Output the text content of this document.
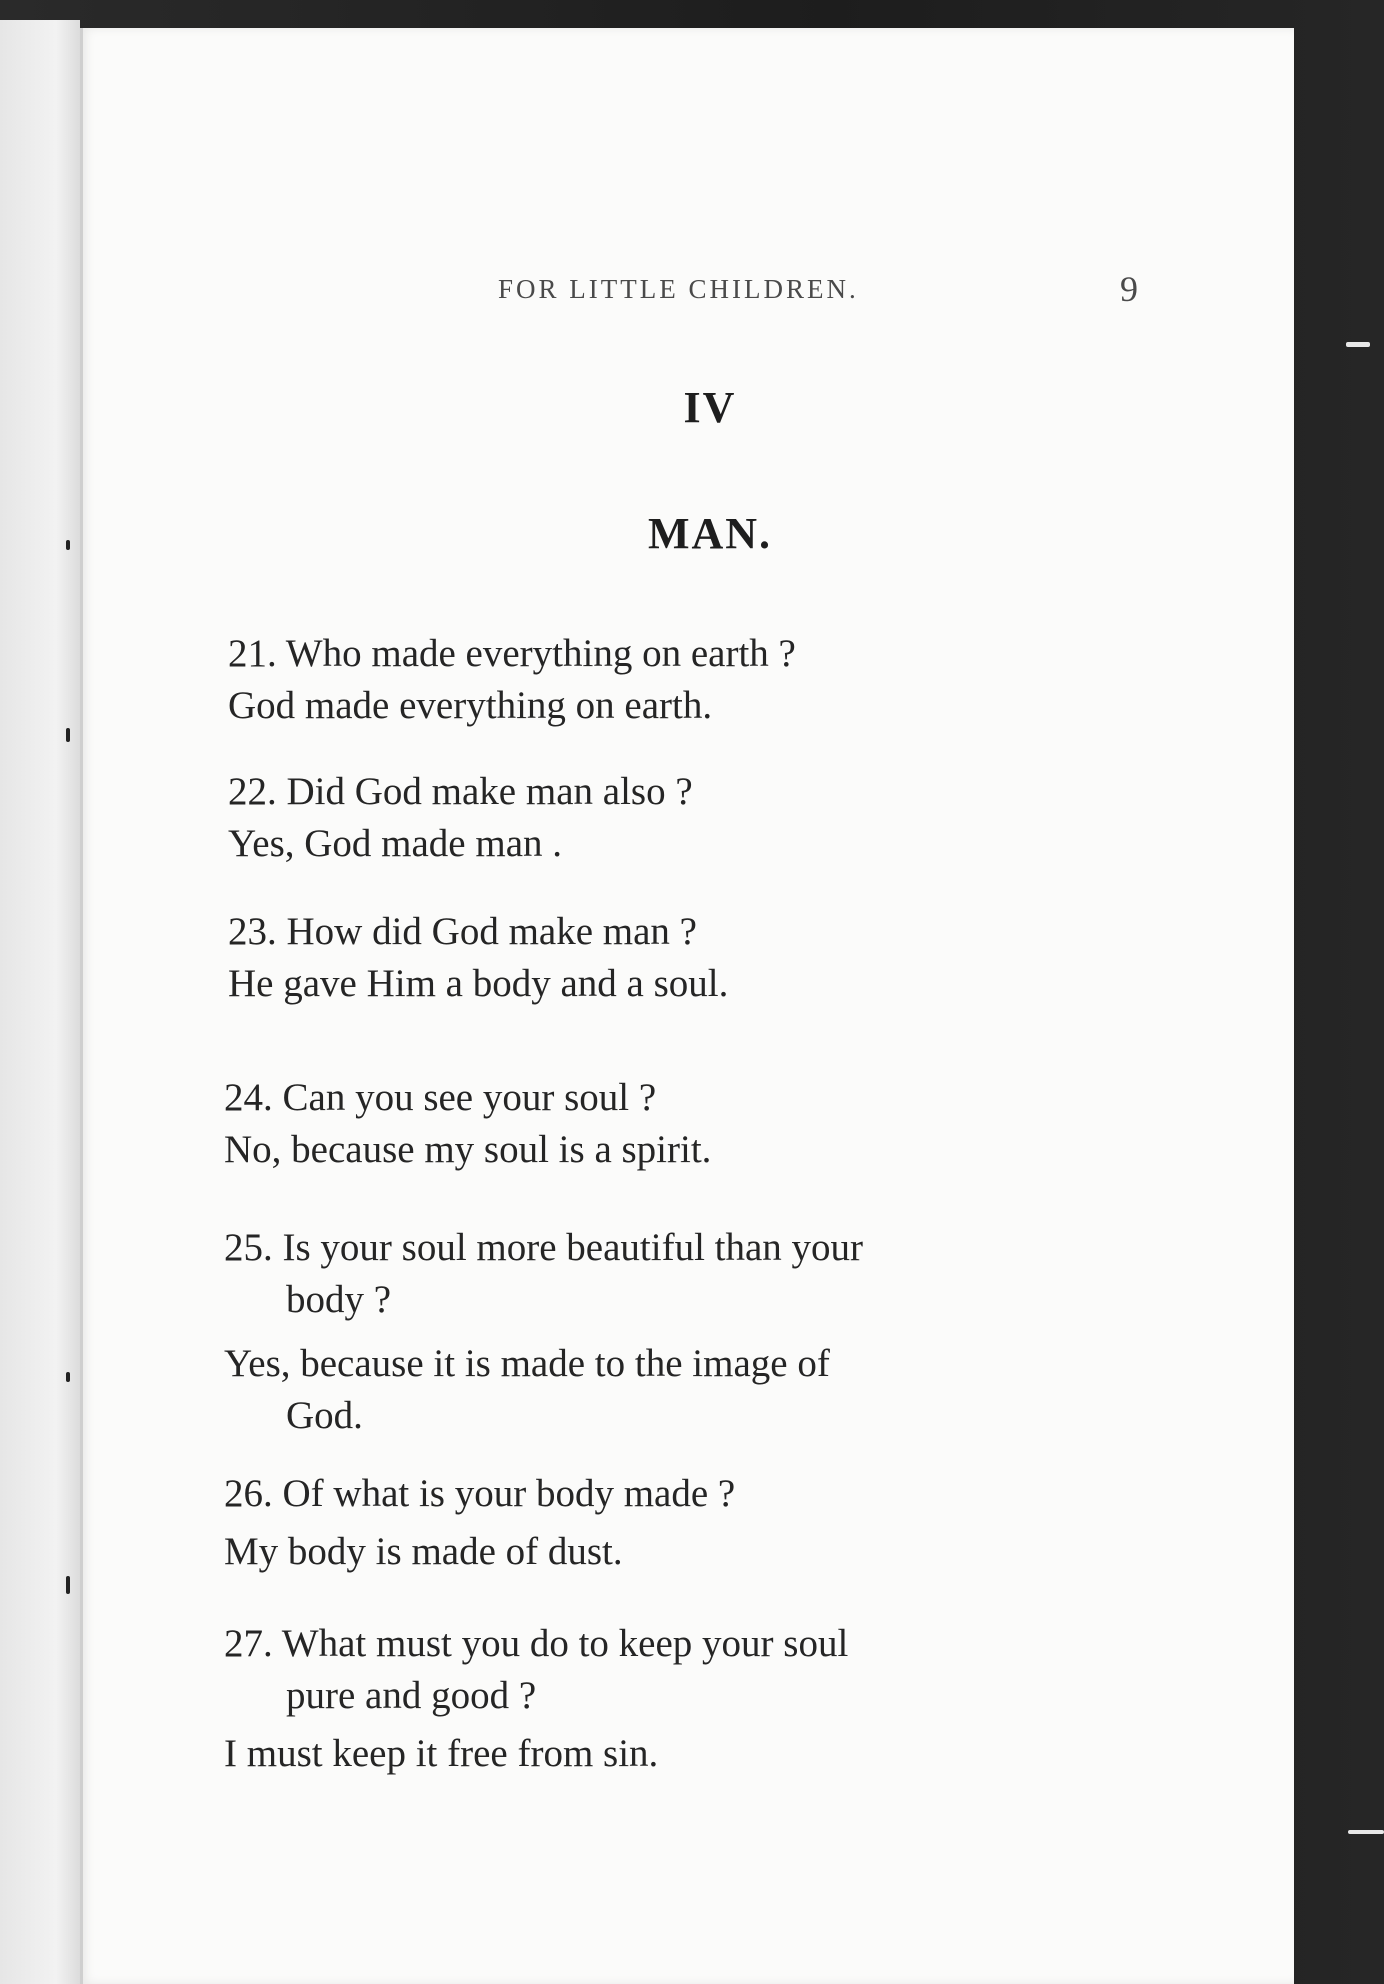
FOR LITTLE CHILDREN.	9
IV
MAN.
21. Who made everything on earth ?
God made everything on earth.
22. Did God make man also ?
Yes, God made man .
23. How did God make man ?
He gave Him a body and a soul.
24. Can you see your soul ?
No, because my soul is a spirit.
25. Is your soul more beautiful than your
body ?
Yes, because it is made to the image of
God.
26. Of what is your body made ?
My body is made of dust.
27. What must you do to keep your soul
pure and good ?
I must keep it free from sin.
